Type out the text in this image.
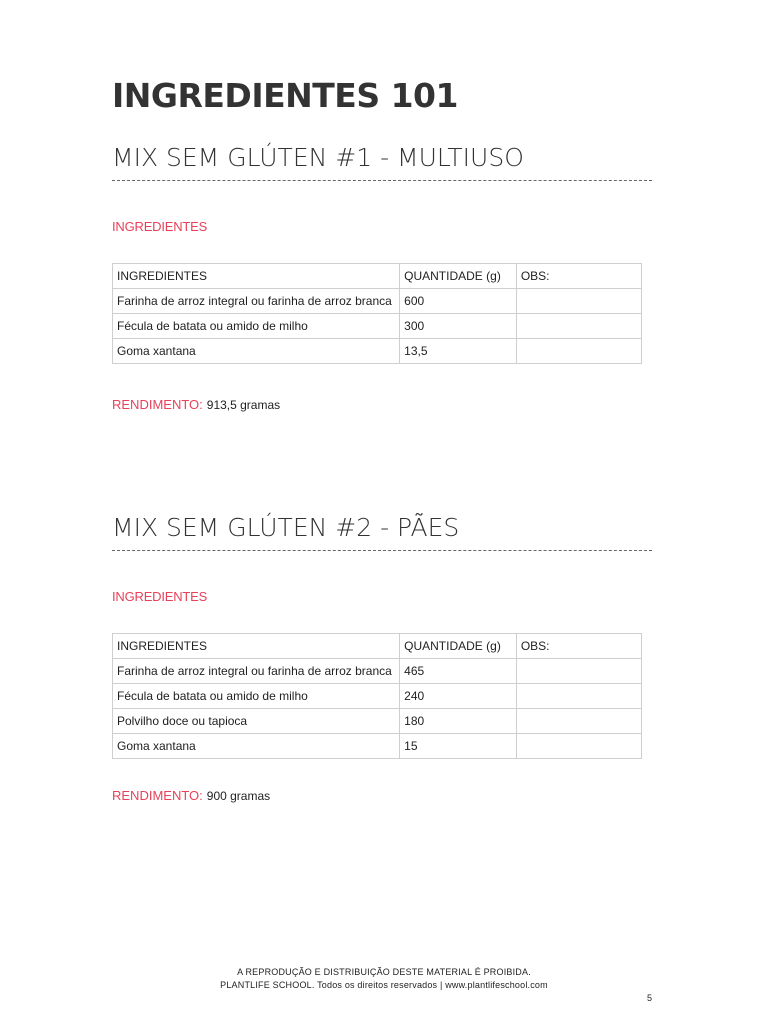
INGREDIENTES 101
MIX SEM GLÚTEN #1 - MULTIUSO

INGREDIENTES

INGREDIENTES	QUANTIDADE (g)	OBS:
Farinha de arroz integral ou farinha de arroz branca	600	
Fécula de batata ou amido de milho	300	
Goma xantana	13,5	

RENDIMENTO: 913,5 gramas

MIX SEM GLÚTEN #2 - PÃES

INGREDIENTES

INGREDIENTES	QUANTIDADE (g)	OBS:
Farinha de arroz integral ou farinha de arroz branca	465	
Fécula de batata ou amido de milho	240	
Polvilho doce ou tapioca	180	
Goma xantana	15	

RENDIMENTO: 900 gramas

A REPRODUÇÃO E DISTRIBUIÇÃO DESTE MATERIAL É PROIBIDA.
PLANTLIFE SCHOOL. Todos os direitos reservados | www.plantlifeschool.com
5
